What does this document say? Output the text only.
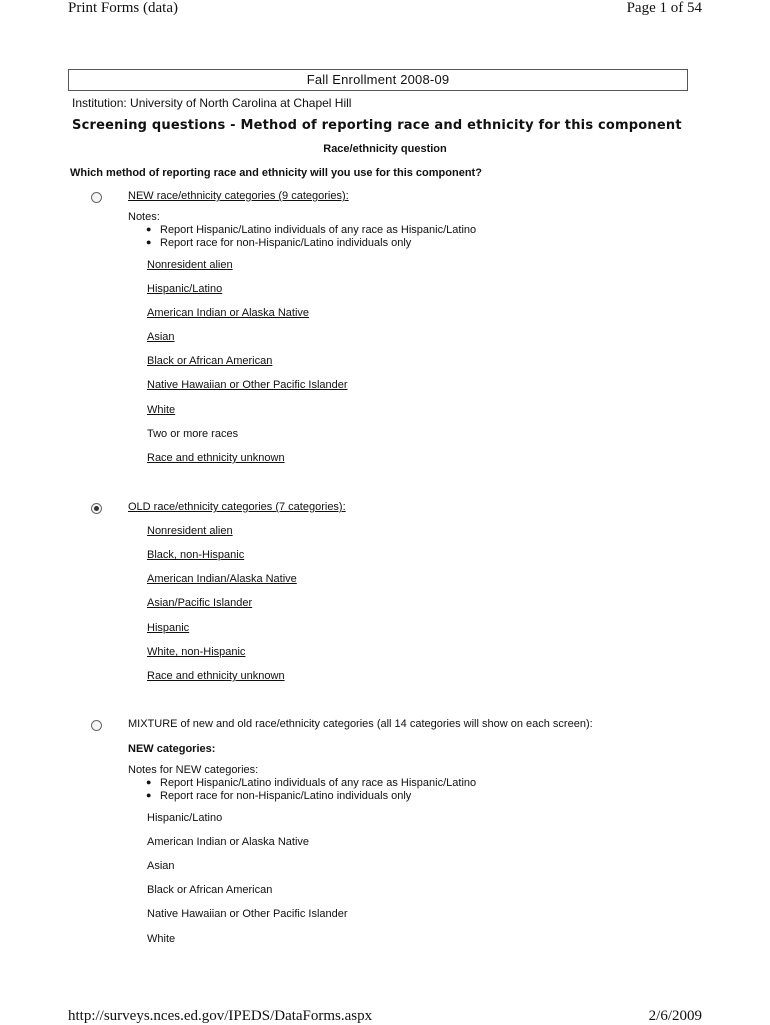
Print Forms (data)	Page 1 of 54
Fall Enrollment 2008-09
Institution: University of North Carolina at Chapel Hill
Screening questions - Method of reporting race and ethnicity for this component
Race/ethnicity question
Which method of reporting race and ethnicity will you use for this component?
NEW race/ethnicity categories (9 categories):
Notes:
● Report Hispanic/Latino individuals of any race as Hispanic/Latino
● Report race for non-Hispanic/Latino individuals only
Nonresident alien
Hispanic/Latino
American Indian or Alaska Native
Asian
Black or African American
Native Hawaiian or Other Pacific Islander
White
Two or more races
Race and ethnicity unknown
OLD race/ethnicity categories (7 categories):
Nonresident alien
Black, non-Hispanic
American Indian/Alaska Native
Asian/Pacific Islander
Hispanic
White, non-Hispanic
Race and ethnicity unknown
MIXTURE of new and old race/ethnicity categories (all 14 categories will show on each screen):
NEW categories:
Notes for NEW categories:
● Report Hispanic/Latino individuals of any race as Hispanic/Latino
● Report race for non-Hispanic/Latino individuals only
Hispanic/Latino
American Indian or Alaska Native
Asian
Black or African American
Native Hawaiian or Other Pacific Islander
White
http://surveys.nces.ed.gov/IPEDS/DataForms.aspx	2/6/2009
